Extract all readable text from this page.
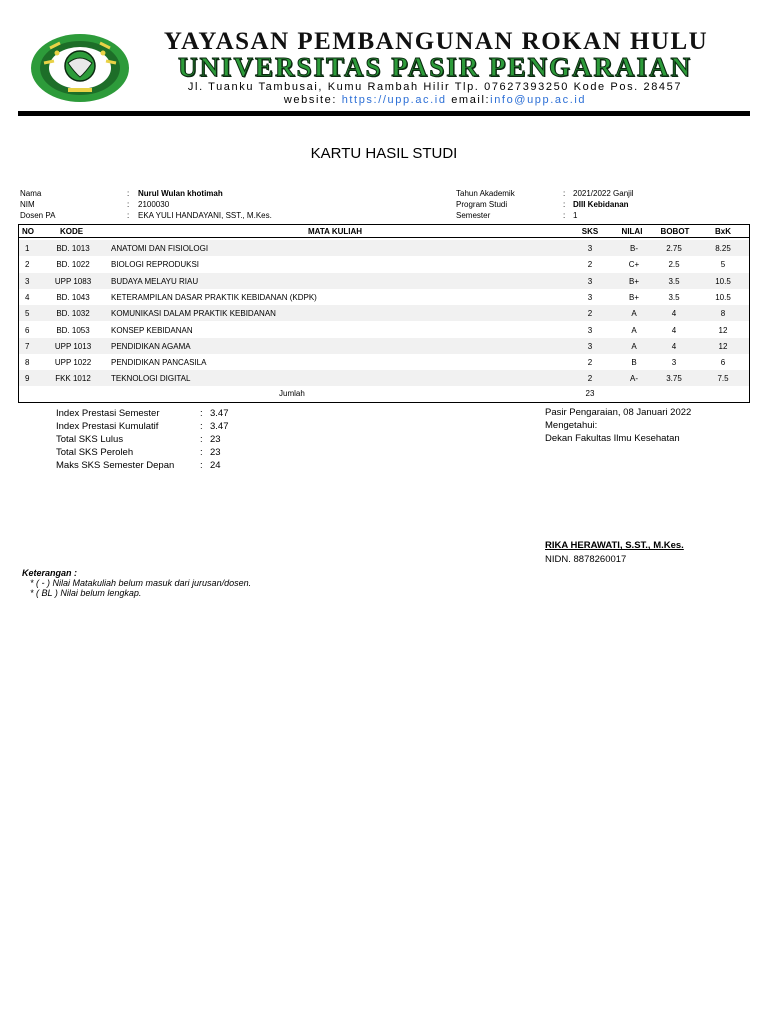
YAYASAN PEMBANGUNAN ROKAN HULU
UNIVERSITAS PASIR PENGARAIAN
Jl. Tuanku Tambusai, Kumu Rambah Hilir Tlp. 07627393250 Kode Pos. 28457
website: https://upp.ac.id email:info@upp.ac.id
KARTU HASIL STUDI
Nama	: Nurul Wulan khotimah
NIM	: 2100030
Dosen PA	: EKA YULI HANDAYANI, SST., M.Kes.
Tahun Akademik	: 2021/2022 Ganjil
Program Studi	: DIII Kebidanan
Semester	: 1
NO	KODE	MATA KULIAH	SKS	NILAI	BOBOT	BxK
1	BD. 1013	ANATOMI DAN FISIOLOGI	3	B-	2.75	8.25
2	BD. 1022	BIOLOGI REPRODUKSI	2	C+	2.5	5
3	UPP 1083	BUDAYA MELAYU RIAU	3	B+	3.5	10.5
4	BD. 1043	KETERAMPILAN DASAR PRAKTIK KEBIDANAN (KDPK)	3	B+	3.5	10.5
5	BD. 1032	KOMUNIKASI DALAM PRAKTIK KEBIDANAN	2	A	4	8
6	BD. 1053	KONSEP KEBIDANAN	3	A	4	12
7	UPP 1013	PENDIDIKAN AGAMA	3	A	4	12
8	UPP 1022	PENDIDIKAN PANCASILA	2	B	3	6
9	FKK 1012	TEKNOLOGI DIGITAL	2	A-	3.75	7.5
Jumlah	23
Index Prestasi Semester	: 3.47
Index Prestasi Kumulatif	: 3.47
Total SKS Lulus	: 23
Total SKS Peroleh	: 23
Maks SKS Semester Depan	: 24
Pasir Pengaraian, 08 Januari 2022
Mengetahui:
Dekan Fakultas Ilmu Kesehatan
RIKA HERAWATI, S.ST., M.Kes.
NIDN. 8878260017
Keterangan :
* ( - ) Nilai Matakuliah belum masuk dari jurusan/dosen.
* ( BL ) Nilai belum lengkap.
